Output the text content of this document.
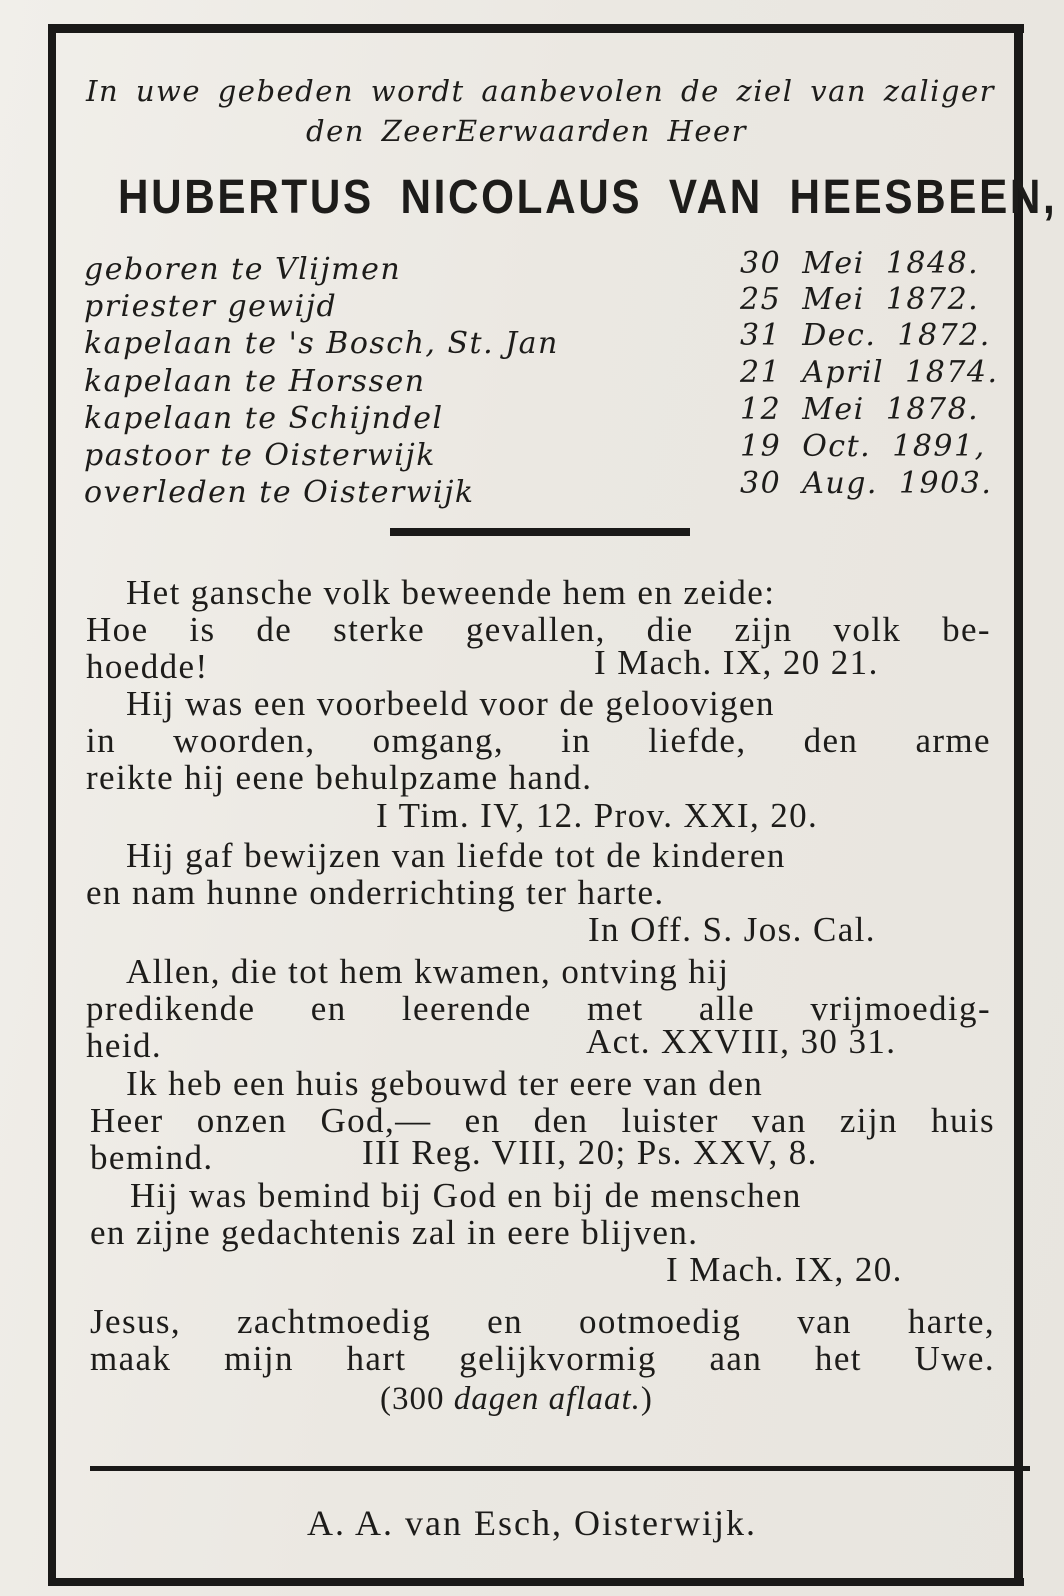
In uwe gebeden wordt aanbevolen de ziel van zaliger
den ZeerEerwaarden Heer
HUBERTUS NICOLAUS VAN HEESBEEN,
geboren te Vlijmen	30 Mei 1848.
priester gewijd	25 Mei 1872.
kapelaan te 's Bosch, St. Jan	31 Dec. 1872.
kapelaan te Horssen	21 April 1874.
kapelaan te Schijndel	12 Mei 1878.
pastoor te Oisterwijk	19 Oct. 1891,
overleden te Oisterwijk	30 Aug. 1903.
Het gansche volk beweende hem en zeide:
Hoe is de sterke gevallen, die zijn volk be-
hoedde!	I Mach. IX, 20 21.
Hij was een voorbeeld voor de geloovigen
in woorden, omgang, in liefde, den arme
reikte hij eene behulpzame hand.
I Tim. IV, 12. Prov. XXI, 20.
Hij gaf bewijzen van liefde tot de kinderen
en nam hunne onderrichting ter harte.
In Off. S. Jos. Cal.
Allen, die tot hem kwamen, ontving hij
predikende en leerende met alle vrijmoedig-
heid.	Act. XXVIII, 30 31.
Ik heb een huis gebouwd ter eere van den
Heer onzen God,— en den luister van zijn huis
bemind.	III Reg. VIII, 20; Ps. XXV, 8.
Hij was bemind bij God en bij de menschen
en zijne gedachtenis zal in eere blijven.
I Mach. IX, 20.
Jesus, zachtmoedig en ootmoedig van harte,
maak mijn hart gelijkvormig aan het Uwe.
(300 dagen aflaat.)
A. A. van Esch, Oisterwijk.
